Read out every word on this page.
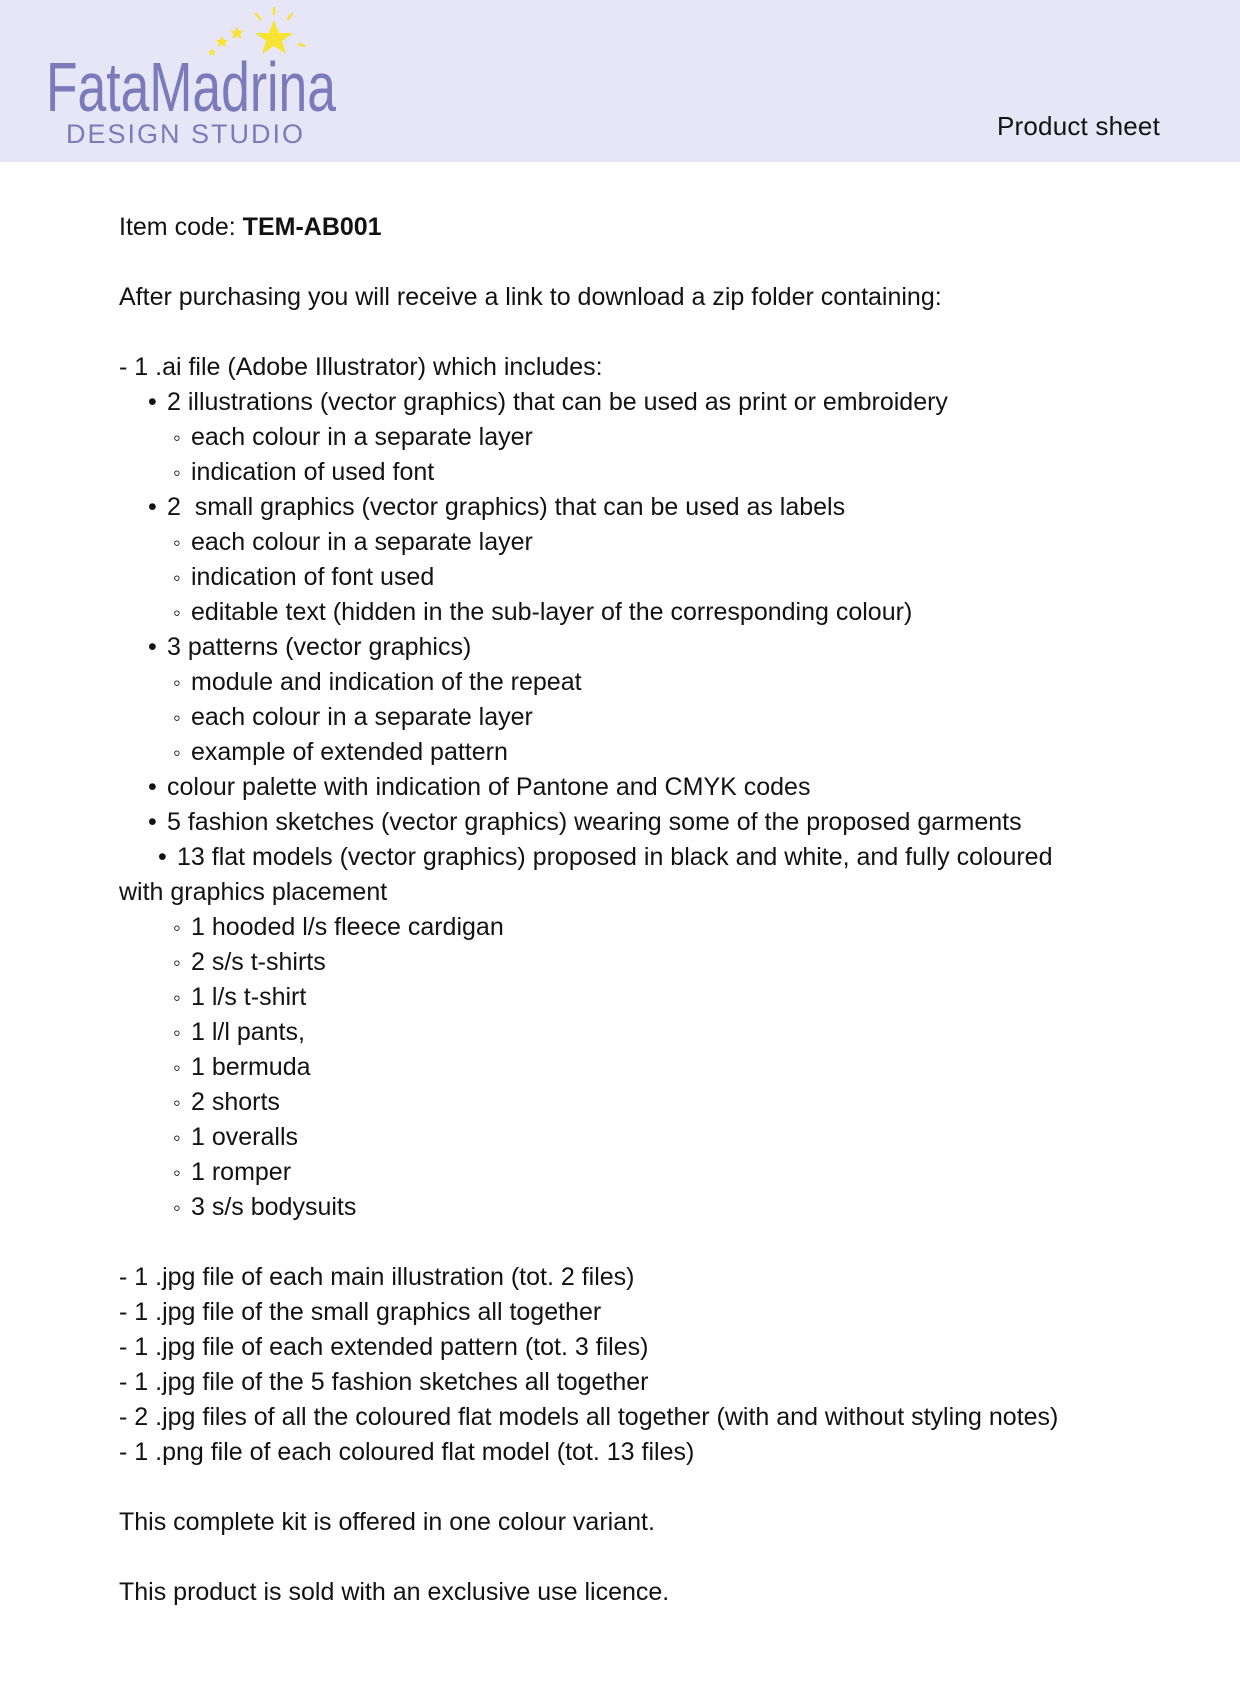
FataMadrina
DESIGN STUDIO	Product sheet

Item code: TEM-AB001

After purchasing you will receive a link to download a zip folder containing:

- 1 .ai file (Adobe Illustrator) which includes:

• 2 illustrations (vector graphics) that can be used as print or embroidery

◦ each colour in a separate layer

◦ indication of used font

• 2  small graphics (vector graphics) that can be used as labels

◦ each colour in a separate layer

◦ indication of font used

◦ editable text (hidden in the sub-layer of the corresponding colour)

• 3 patterns (vector graphics)

◦ module and indication of the repeat

◦ each colour in a separate layer

◦ example of extended pattern

• colour palette with indication of Pantone and CMYK codes

• 5 fashion sketches (vector graphics) wearing some of the proposed garments

• 13 flat models (vector graphics) proposed in black and white, and fully coloured

with graphics placement

◦ 1 hooded l/s fleece cardigan

◦ 2 s/s t-shirts

◦ 1 l/s t-shirt

◦ 1 l/l pants,

◦ 1 bermuda

◦ 2 shorts

◦ 1 overalls

◦ 1 romper

◦ 3 s/s bodysuits

- 1 .jpg file of each main illustration (tot. 2 files)

- 1 .jpg file of the small graphics all together

- 1 .jpg file of each extended pattern (tot. 3 files)

- 1 .jpg file of the 5 fashion sketches all together

- 2 .jpg files of all the coloured flat models all together (with and without styling notes)

- 1 .png file of each coloured flat model (tot. 13 files)

This complete kit is offered in one colour variant.

This product is sold with an exclusive use licence.
